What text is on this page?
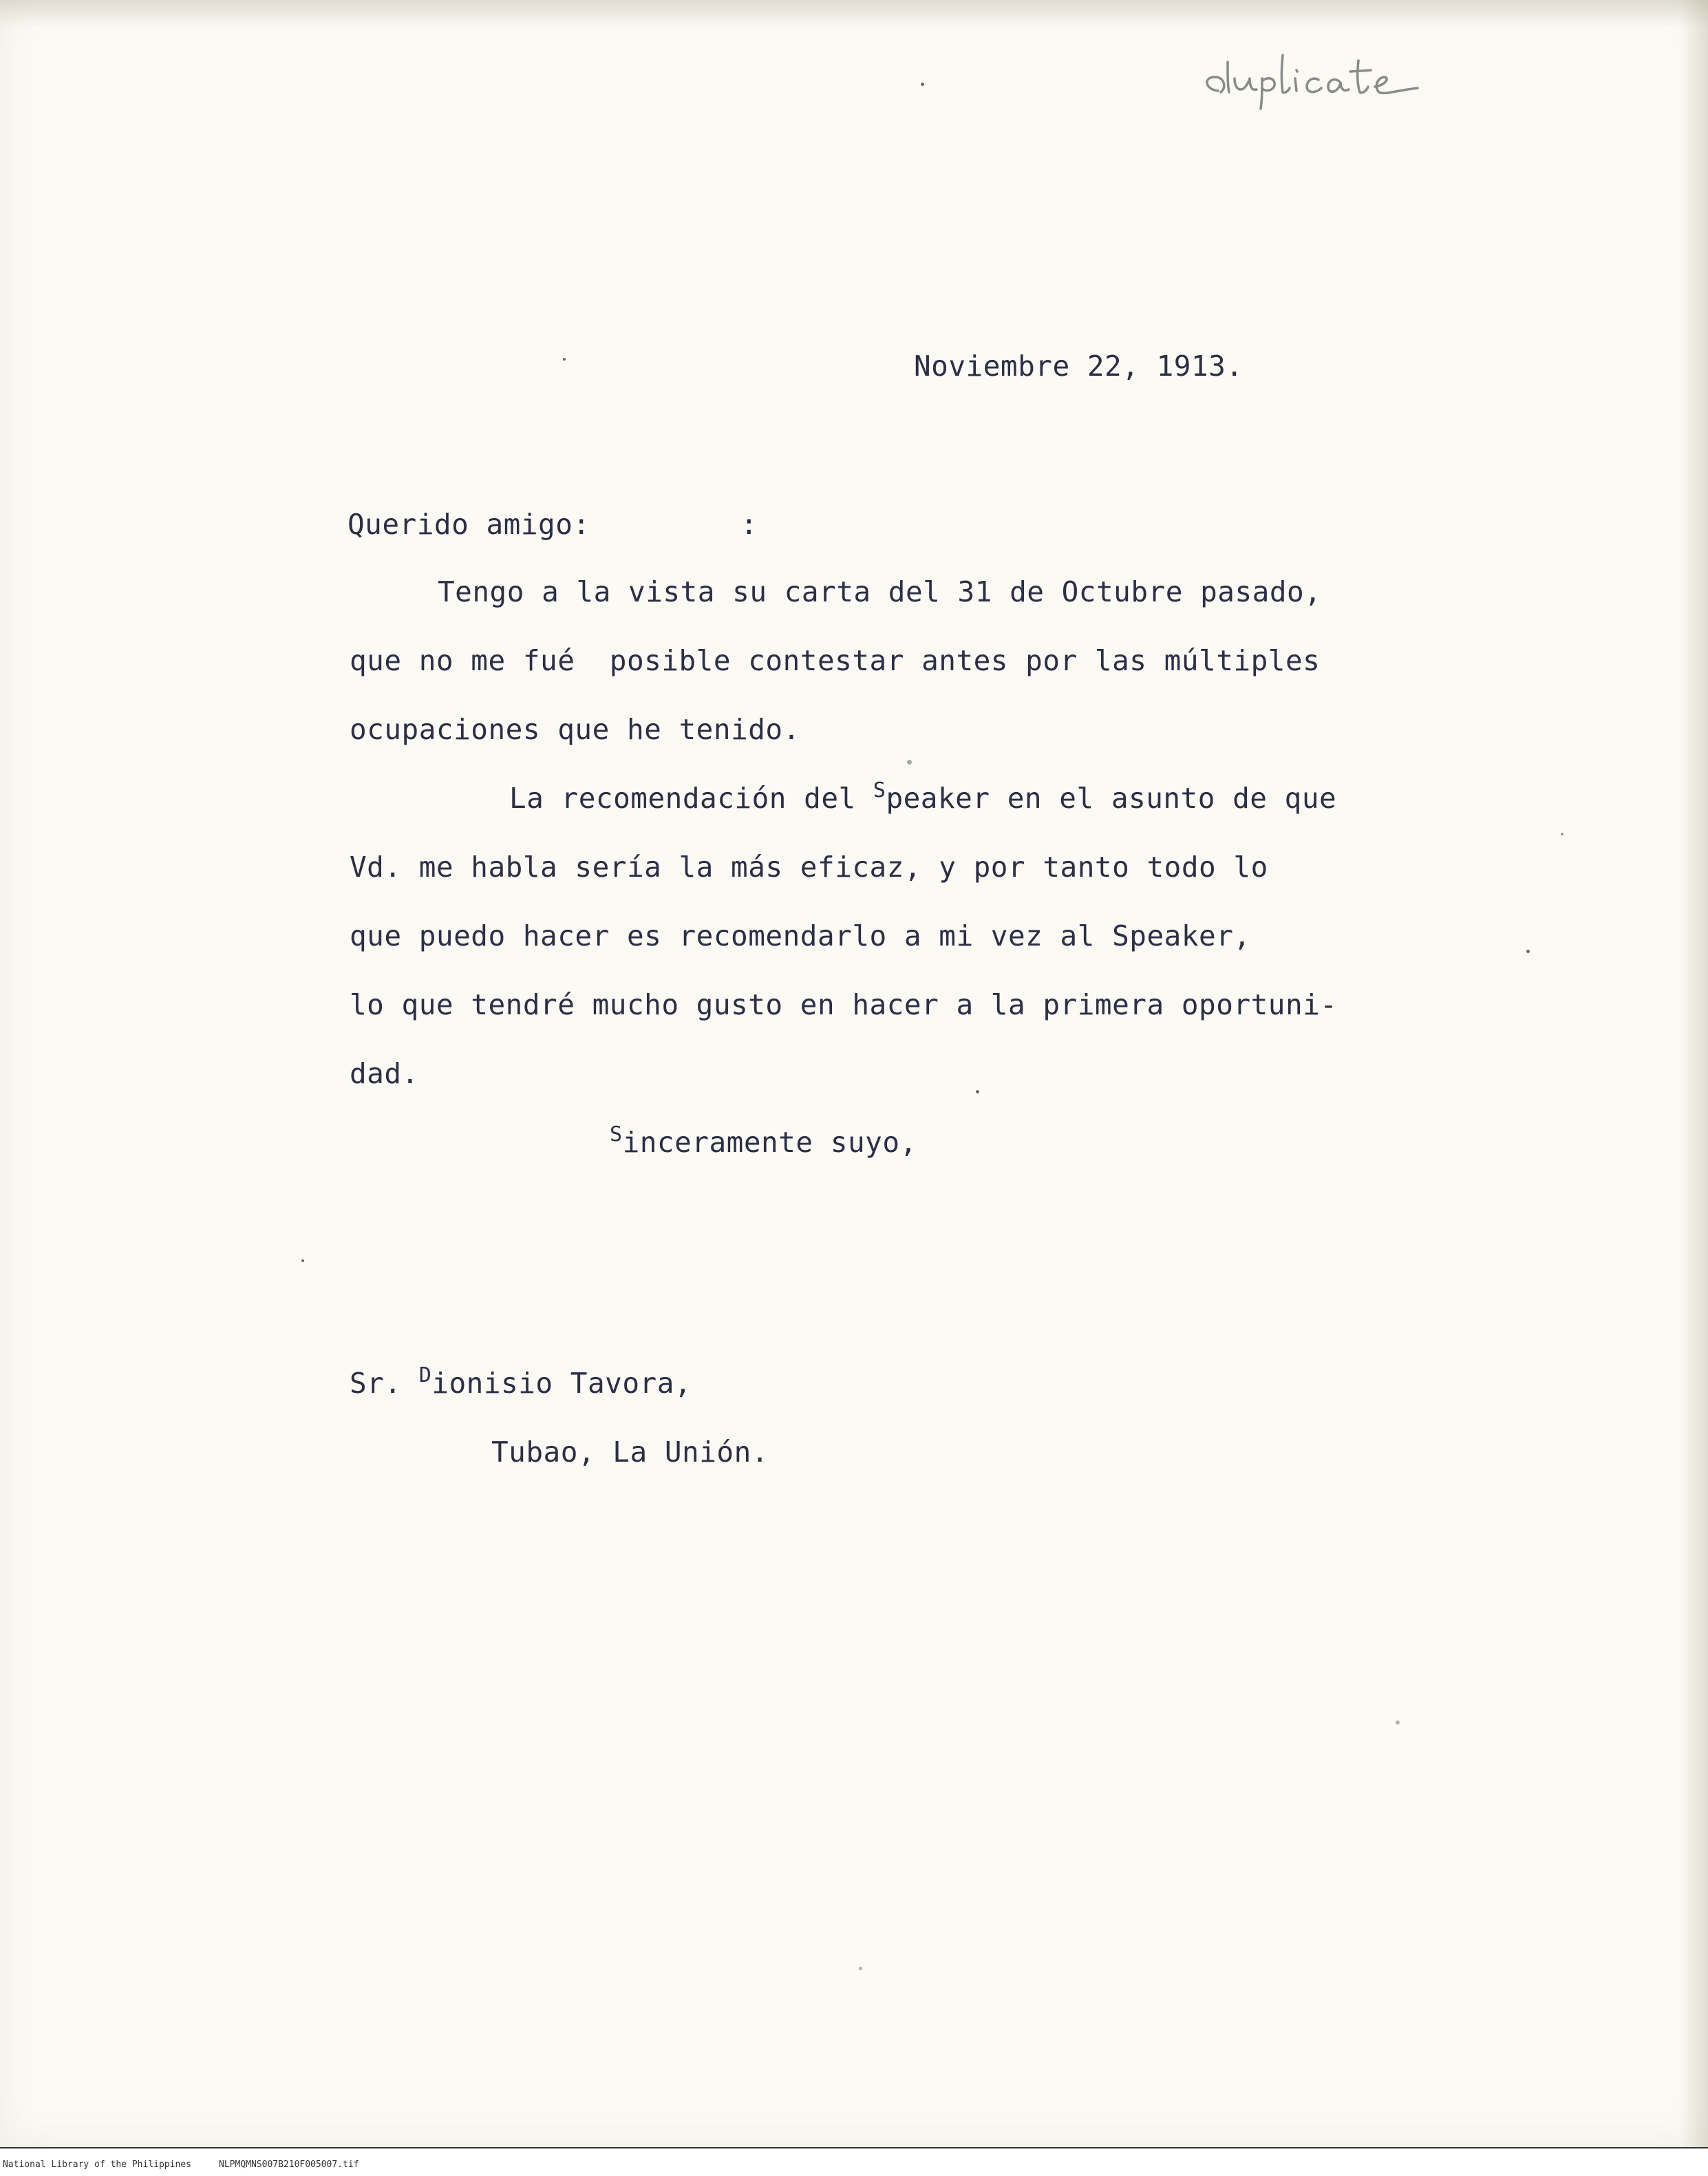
Noviembre 22, 1913.
Querido amigo:	:
Tengo a la vista su carta del 31 de Octubre pasado,
que no me fué  posible contestar antes por las múltiples
ocupaciones que he tenido.
La recomendación del $^S$peaker en el asunto de que
Vd. me habla sería la más eficaz, y por tanto todo lo
que puedo hacer es recomendarlo a mi vez al Speaker,
lo que tendré mucho gusto en hacer a la primera oportuni-
dad.
$^S$inceramente suyo,
Sr. $^D$ionisio Tavora,
Tubao, La Unión.
National Library of the Philippines	NLPMQMNS007B210F005007.tif
